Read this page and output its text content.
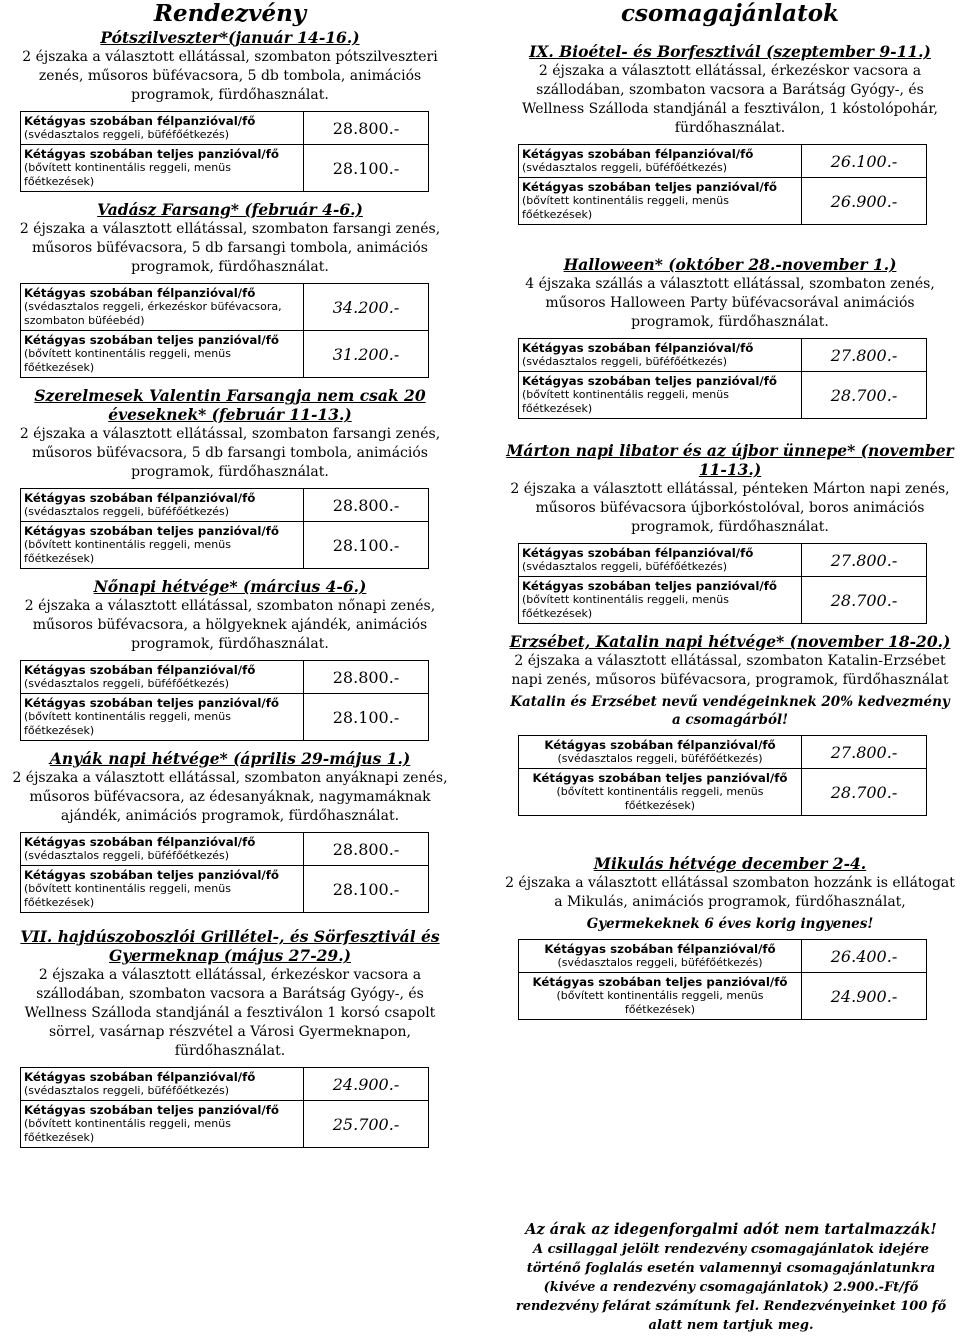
Rendezvény
Pótszilveszter*(január 14-16.)
2 éjszaka a választott ellátással, szombaton pótszilveszteri zenés, műsoros büfévacsora, 5 db tombola, animációs programok, fürdőhasználat.
Kétágyas szobában félpanzióval/fő
(svédasztalos reggeli, büféfőétkezés)	28.800.-

Kétágyas szobában teljes panzióval/fő
(bővített kontinentális reggeli, menüs főétkezések)	28.100.-
Vadász Farsang* (február 4-6.)
2 éjszaka a választott ellátással, szombaton farsangi zenés, műsoros büfévacsora, 5 db farsangi tombola, animációs programok, fürdőhasználat.
Kétágyas szobában félpanzióval/fő
(svédasztalos reggeli, érkezéskor büfévacsora, szombaton büféebéd)	34.200.-

Kétágyas szobában teljes panzióval/fő
(bővített kontinentális reggeli, menüs főétkezések)	31.200.-
Szerelmesek Valentin Farsangja nem csak 20 éveseknek* (február 11-13.)
2 éjszaka a választott ellátással, szombaton farsangi zenés, műsoros büfévacsora, 5 db farsangi tombola, animációs programok, fürdőhasználat.
Kétágyas szobában félpanzióval/fő
(svédasztalos reggeli, büféfőétkezés)	28.800.-

Kétágyas szobában teljes panzióval/fő
(bővített kontinentális reggeli, menüs főétkezések)	28.100.-
Nőnapi hétvége* (március 4-6.)
2 éjszaka a választott ellátással, szombaton nőnapi zenés, műsoros büfévacsora, a hölgyeknek ajándék, animációs programok, fürdőhasználat.
Kétágyas szobában félpanzióval/fő
(svédasztalos reggeli, büféfőétkezés)	28.800.-

Kétágyas szobában teljes panzióval/fő
(bővített kontinentális reggeli, menüs főétkezések)	28.100.-
Anyák napi hétvége* (április 29-május 1.)
2 éjszaka a választott ellátással, szombaton anyáknapi zenés, műsoros büfévacsora, az édesanyáknak, nagymamáknak ajándék, animációs programok, fürdőhasználat.
Kétágyas szobában félpanzióval/fő
(svédasztalos reggeli, büféfőétkezés)	28.800.-

Kétágyas szobában teljes panzióval/fő
(bővített kontinentális reggeli, menüs főétkezések)	28.100.-
VII. hajdúszoboszlói Grillétel-, és Sörfesztivál és Gyermeknap (május 27-29.)
2 éjszaka a választott ellátással, érkezéskor vacsora a szállodában, szombaton vacsora a Barátság Gyógy-, és Wellness Szálloda standjánál a fesztiválon 1 korsó csapolt sörrel, vasárnap részvétel a Városi Gyermeknapon, fürdőhasználat.
Kétágyas szobában félpanzióval/fő
(svédasztalos reggeli, büféfőétkezés)	24.900.-

Kétágyas szobában teljes panzióval/fő
(bővített kontinentális reggeli, menüs főétkezések)	25.700.-
csomagajánlatok
IX. Bioétel- és Borfesztivál (szeptember 9-11.)
2 éjszaka a választott ellátással, érkezéskor vacsora a szállodában, szombaton vacsora a Barátság Gyógy-, és Wellness Szálloda standjánál a fesztiválon, 1 kóstolópohár, fürdőhasználat.
Kétágyas szobában félpanzióval/fő
(svédasztalos reggeli, büféfőétkezés)	26.100.-

Kétágyas szobában teljes panzióval/fő
(bővített kontinentális reggeli, menüs főétkezések)	26.900.-
Halloween* (október 28.-november 1.)
4 éjszaka szállás a választott ellátással, szombaton zenés, műsoros Halloween Party büfévacsorával animációs programok, fürdőhasználat.
Kétágyas szobában félpanzióval/fő
(svédasztalos reggeli, büféfőétkezés)	27.800.-

Kétágyas szobában teljes panzióval/fő
(bővített kontinentális reggeli, menüs főétkezések)	28.700.-
Márton napi libator és az újbor ünnepe* (november 11-13.)
2 éjszaka a választott ellátással, pénteken Márton napi zenés, műsoros büfévacsora újborkóstolóval, boros animációs programok, fürdőhasználat.
Kétágyas szobában félpanzióval/fő
(svédasztalos reggeli, büféfőétkezés)	27.800.-

Kétágyas szobában teljes panzióval/fő
(bővített kontinentális reggeli, menüs főétkezések)	28.700.-
Erzsébet, Katalin napi hétvége* (november 18-20.)
2 éjszaka a választott ellátással, szombaton Katalin-Erzsébet napi zenés, műsoros büfévacsora, programok, fürdőhasználat
Katalin és Erzsébet nevű vendégeinknek 20% kedvezmény a csomagárból!
Kétágyas szobában félpanzióval/fő
(svédasztalos reggeli, büféfőétkezés)	27.800.-

Kétágyas szobában teljes panzióval/fő
(bővített kontinentális reggeli, menüs főétkezések)	28.700.-
Mikulás hétvége december 2-4.
2 éjszaka a választott ellátással szombaton hozzánk is ellátogat a Mikulás, animációs programok, fürdőhasználat,
Gyermekeknek 6 éves korig ingyenes!
Kétágyas szobában félpanzióval/fő
(svédasztalos reggeli, büféfőétkezés)	26.400.-

Kétágyas szobában teljes panzióval/fő
(bővített kontinentális reggeli, menüs főétkezések)	24.900.-
Az árak az idegenforgalmi adót nem tartalmazzák!
A csillaggal jelölt rendezvény csomagajánlatok idejére történő foglalás esetén valamennyi csomagajánlatunkra (kivéve a rendezvény csomagajánlatok) 2.900.-Ft/fő rendezvény felárat számítunk fel. Rendezvényeinket 100 fő alatt nem tartjuk meg.
